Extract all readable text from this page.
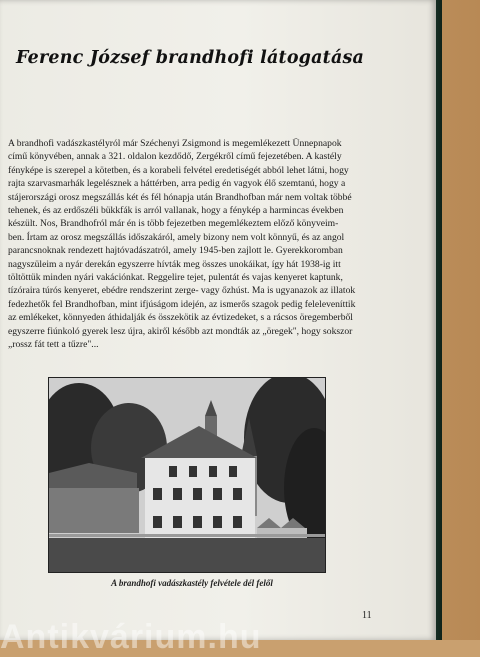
Ferenc József brandhofi látogatása
A brandhofi vadászkastélyról már Széchenyi Zsigmond is megemlékezett Ünnepnapok
című könyvében, annak a 321. oldalon kezdődő, Zergékről című fejezetében. A kastély
fényképe is szerepel a kötetben, és a korabeli felvétel eredetiségét abból lehet látni, hogy
rajta szarvasmarhák legelésznek a háttérben, arra pedig én vagyok élő szemtanú, hogy a
stájerországi orosz megszállás két és fél hónapja után Brandhofban már nem voltak többé
tehenek, és az erdőszéli bükkfák is arról vallanak, hogy a fénykép a harmincas években
készült. Nos, Brandhofról már én is több fejezetben megemlékeztem előző könyveim-
ben. Írtam az orosz megszállás időszakáról, amely bizony nem volt könnyű, és az angol
parancsnoknak rendezett hajtóvadászatról, amely 1945-ben zajlott le. Gyerekkoromban
nagyszüleim a nyár derekán egyszerre hívták meg összes unokáikat, így hát 1938-ig itt
töltöttük minden nyári vakációnkat. Reggelire tejet, pulentát és vajas kenyeret kaptunk,
tízóraira túrós kenyeret, ebédre rendszerint zerge- vagy őzhúst. Ma is ugyanazok az illatok
fedezhetők fel Brandhofban, mint ifjúságom idején, az ismerős szagok pedig feleleveníttik
az emlékeket, könnyeden áthidalják és összekötik az évtizedeket, s a rácsos öregemberből
egyszerre fiúnkoló gyerek lesz újra, akiről később azt mondták az „öregek", hogy sokszor
„rossz fát tett a tűzre"...
A brandhofi vadászkastély felvétele dél felől
11
Antikvárium.hu
